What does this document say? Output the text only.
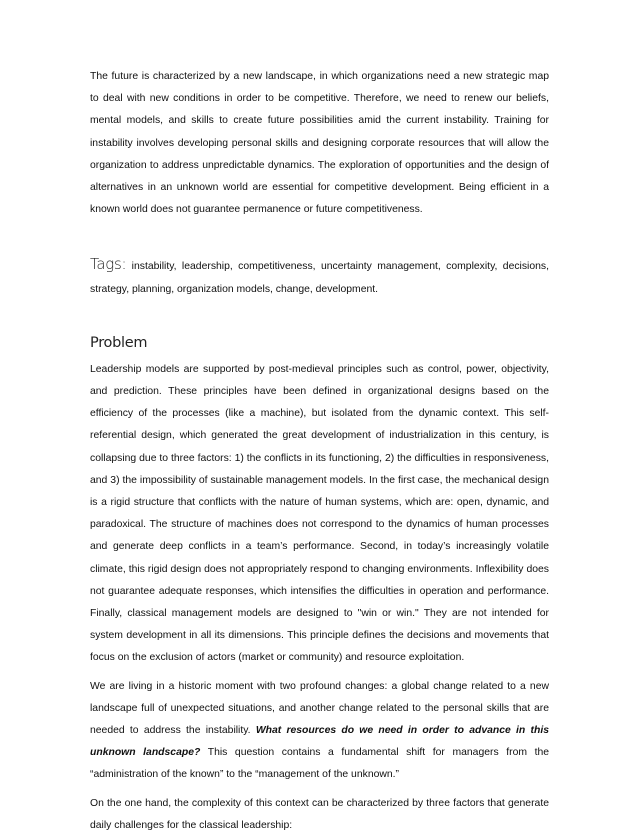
The future is characterized by a new landscape, in which organizations need a new strategic map to deal with new conditions in order to be competitive. Therefore, we need to renew our beliefs, mental models, and skills to create future possibilities amid the current instability. Training for instability involves developing personal skills and designing corporate resources that will allow the organization to address unpredictable dynamics. The exploration of opportunities and the design of alternatives in an unknown world are essential for competitive development. Being efficient in a known world does not guarantee permanence or future competitiveness.

Tags: instability, leadership, competitiveness, uncertainty management, complexity, decisions, strategy, planning, organization models, change, development.

Problem

Leadership models are supported by post-medieval principles such as control, power, objectivity, and prediction. These principles have been defined in organizational designs based on the efficiency of the processes (like a machine), but isolated from the dynamic context. This self-referential design, which generated the great development of industrialization in this century, is collapsing due to three factors: 1) the conflicts in its functioning, 2) the difficulties in responsiveness, and 3) the impossibility of sustainable management models. In the first case, the mechanical design is a rigid structure that conflicts with the nature of human systems, which are: open, dynamic, and paradoxical. The structure of machines does not correspond to the dynamics of human processes and generate deep conflicts in a team’s performance. Second, in today’s increasingly volatile climate, this rigid design does not appropriately respond to changing environments. Inflexibility does not guarantee adequate responses, which intensifies the difficulties in operation and performance. Finally, classical management models are designed to "win or win." They are not intended for system development in all its dimensions. This principle defines the decisions and movements that focus on the exclusion of actors (market or community) and resource exploitation.

We are living in a historic moment with two profound changes: a global change related to a new landscape full of unexpected situations, and another change related to the personal skills that are needed to address the instability. What resources do we need in order to advance in this unknown landscape? This question contains a fundamental shift for managers from the “administration of the known” to the “management of the unknown.”

On the one hand, the complexity of this context can be characterized by three factors that generate daily challenges for the classical leadership:
